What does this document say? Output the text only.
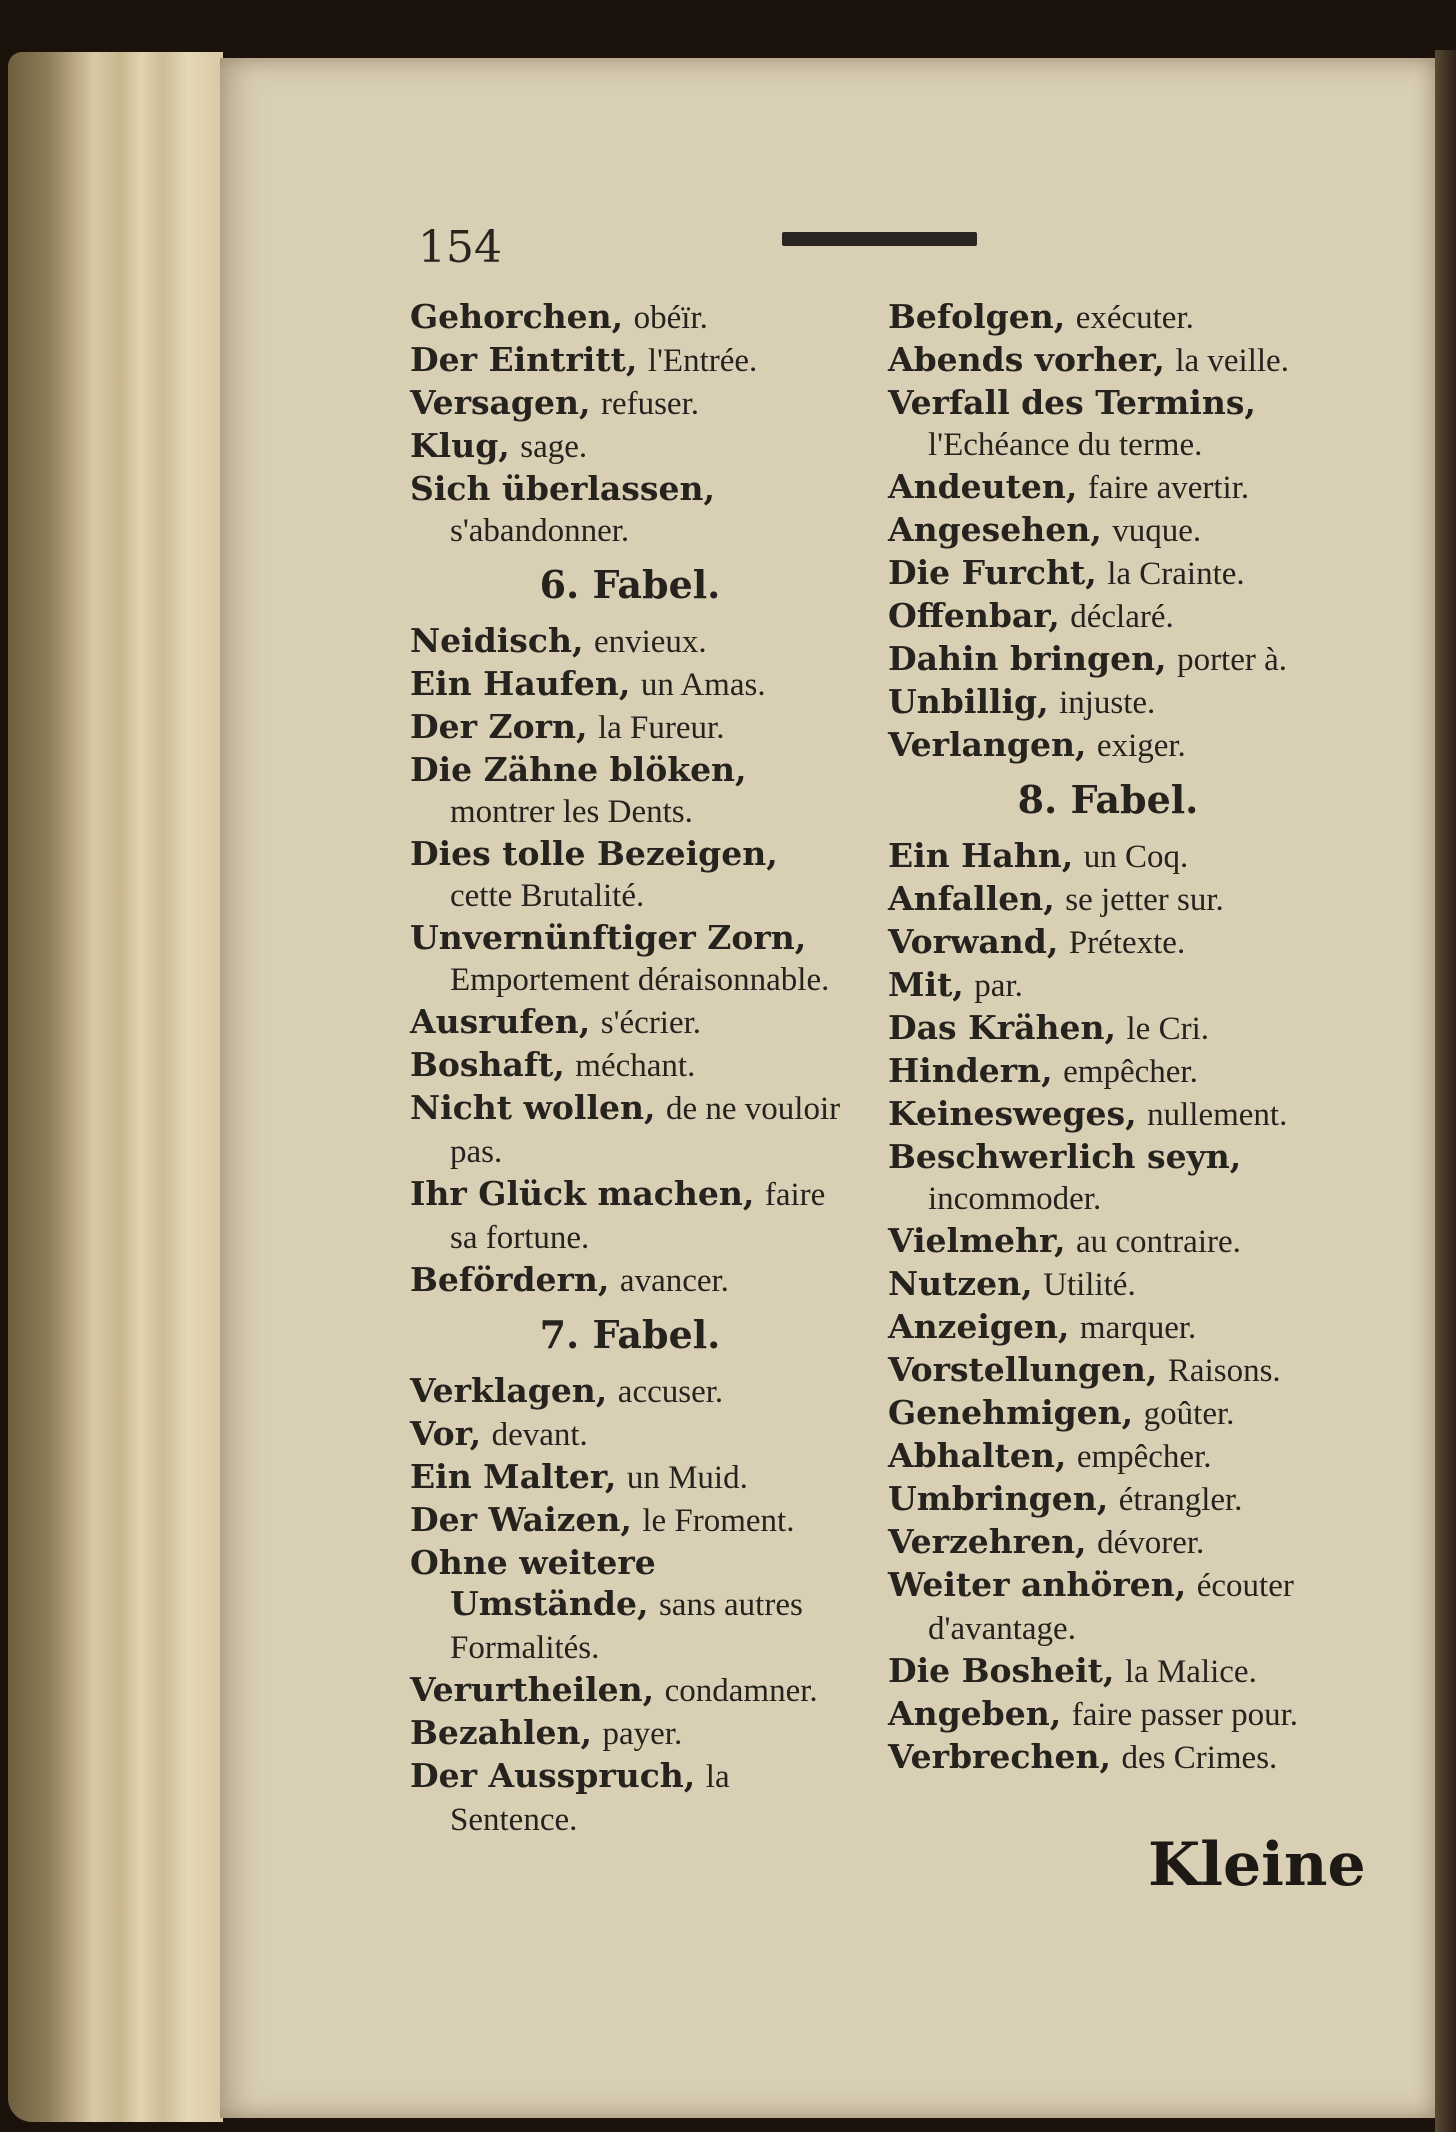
154

Gehorchen, obéïr.

Der Eintritt, l'Entrée.

Versagen, refuser.

Klug, sage.

Sich überlassen, s'abandonner.

6. Fabel.

Neidisch, envieux.

Ein Haufen, un Amas.

Der Zorn, la Fureur.

Die Zähne blöken, montrer les Dents.

Dies tolle Bezeigen, cette Brutalité.

Unvernünftiger Zorn, Emportement déraisonnable.

Ausrufen, s'écrier.

Boshaft, méchant.

Nicht wollen, de ne vouloir pas.

Ihr Glück machen, faire sa fortune.

Befördern, avancer.

7. Fabel.

Verklagen, accuser.

Vor, devant.

Ein Malter, un Muid.

Der Waizen, le Froment.

Ohne weitere Umstände, sans autres Formalités.

Verurtheilen, condamner.

Bezahlen, payer.

Der Ausspruch, la Sentence.

Befolgen, exécuter.

Abends vorher, la veille.

Verfall des Termins, l'Echéance du terme.

Andeuten, faire avertir.

Angesehen, vuque.

Die Furcht, la Crainte.

Offenbar, déclaré.

Dahin bringen, porter à.

Unbillig, injuste.

Verlangen, exiger.

8. Fabel.

Ein Hahn, un Coq.

Anfallen, se jetter sur.

Vorwand, Prétexte.

Mit, par.

Das Krähen, le Cri.

Hindern, empêcher.

Keinesweges, nullement.

Beschwerlich seyn, incommoder.

Vielmehr, au contraire.

Nutzen, Utilité.

Anzeigen, marquer.

Vorstellungen, Raisons.

Genehmigen, goûter.

Abhalten, empêcher.

Umbringen, étrangler.

Verzehren, dévorer.

Weiter anhören, écouter d'avantage.

Die Bosheit, la Malice.

Angeben, faire passer pour.

Verbrechen, des Crimes.

Kleine
